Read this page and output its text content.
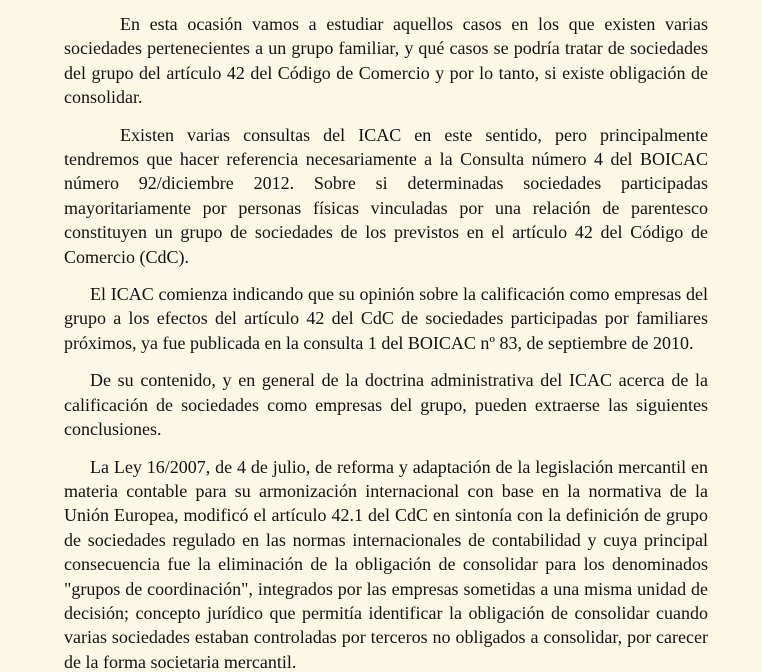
En esta ocasión vamos a estudiar aquellos casos en los que existen varias sociedades pertenecientes a un grupo familiar, y qué casos se podría tratar de sociedades del grupo del artículo 42 del Código de Comercio y por lo tanto, si existe obligación de consolidar.

Existen varias consultas del ICAC en este sentido, pero principalmente tendremos que hacer referencia necesariamente a la Consulta número 4 del BOICAC número 92/diciembre 2012. Sobre si determinadas sociedades participadas mayoritariamente por personas físicas vinculadas por una relación de parentesco constituyen un grupo de sociedades de los previstos en el artículo 42 del Código de Comercio (CdC).

El ICAC comienza indicando que su opinión sobre la calificación como empresas del grupo a los efectos del artículo 42 del CdC de sociedades participadas por familiares próximos, ya fue publicada en la consulta 1 del BOICAC nº 83, de septiembre de 2010.

De su contenido, y en general de la doctrina administrativa del ICAC acerca de la calificación de sociedades como empresas del grupo, pueden extraerse las siguientes conclusiones.

La Ley 16/2007, de 4 de julio, de reforma y adaptación de la legislación mercantil en materia contable para su armonización internacional con base en la normativa de la Unión Europea, modificó el artículo 42.1 del CdC en sintonía con la definición de grupo de sociedades regulado en las normas internacionales de contabilidad y cuya principal consecuencia fue la eliminación de la obligación de consolidar para los denominados "grupos de coordinación", integrados por las empresas sometidas a una misma unidad de decisión; concepto jurídico que permitía identificar la obligación de consolidar cuando varias sociedades estaban controladas por terceros no obligados a consolidar, por carecer de la forma societaria mercantil.
